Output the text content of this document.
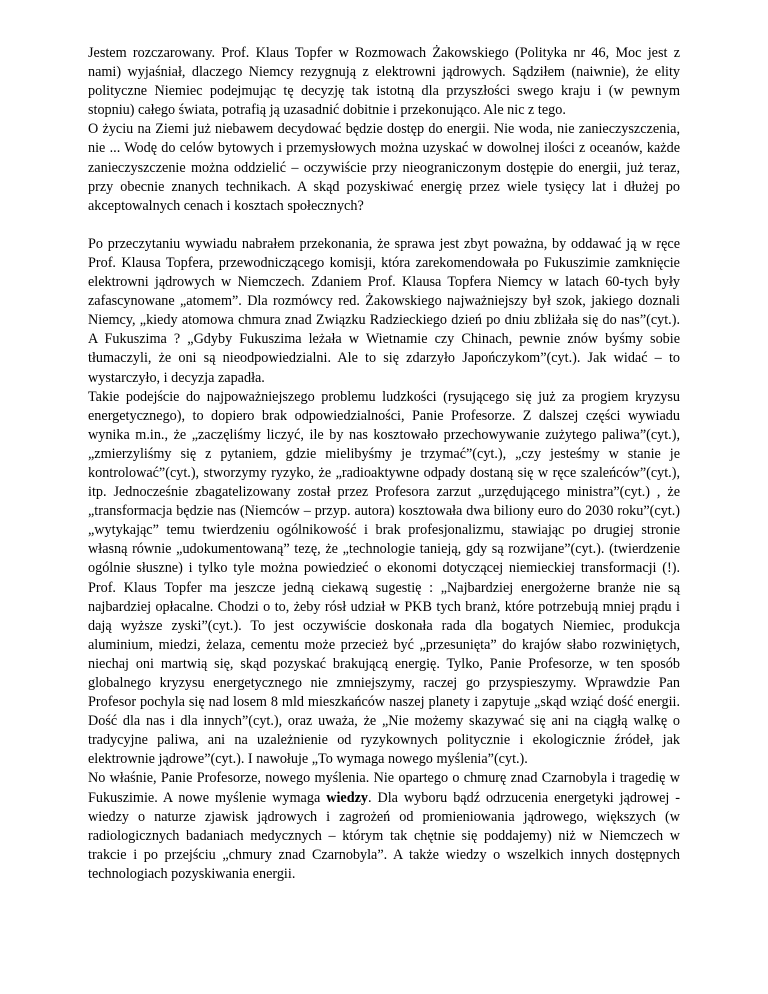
Jestem rozczarowany. Prof. Klaus Topfer w Rozmowach Żakowskiego (Polityka nr 46, Moc jest z nami) wyjaśniał, dlaczego Niemcy rezygnują z elektrowni jądrowych. Sądziłem (naiwnie), że elity polityczne Niemiec podejmując tę decyzję tak istotną dla przyszłości swego kraju i (w pewnym stopniu) całego świata, potrafią ją uzasadnić dobitnie i przekonująco. Ale nic z tego.

O życiu na Ziemi już niebawem decydować będzie dostęp do energii. Nie woda, nie zanieczyszczenia, nie ... Wodę do celów bytowych i przemysłowych można uzyskać w dowolnej ilości z oceanów, każde zanieczyszczenie można oddzielić – oczywiście przy nieograniczonym dostępie do energii, już teraz, przy obecnie znanych technikach. A skąd pozyskiwać energię przez wiele tysięcy lat i dłużej po akceptowalnych cenach i kosztach społecznych?

Po przeczytaniu wywiadu nabrałem przekonania, że sprawa jest zbyt poważna, by oddawać ją w ręce Prof. Klausa Topfera, przewodniczącego komisji, która zarekomendowała po Fukuszimie zamknięcie elektrowni jądrowych w Niemczech. Zdaniem Prof. Klausa Topfera Niemcy w latach 60-tych były zafascynowane „atomem”. Dla rozmówcy red. Żakowskiego najważniejszy był szok, jakiego doznali Niemcy, „kiedy atomowa chmura znad Związku Radzieckiego dzień po dniu zbliżała się do nas”(cyt.). A Fukuszima ? „Gdyby Fukuszima leżała w Wietnamie czy Chinach, pewnie znów byśmy sobie tłumaczyli, że oni są nieodpowiedzialni. Ale to się zdarzyło Japończykom”(cyt.). Jak widać – to wystarczyło, i decyzja zapadła.

Takie podejście do najpoważniejszego problemu ludzkości (rysującego się już za progiem kryzysu energetycznego), to dopiero brak odpowiedzialności, Panie Profesorze. Z dalszej części wywiadu wynika m.in., że „zaczęliśmy liczyć, ile by nas kosztowało przechowywanie zużytego paliwa”(cyt.), „zmierzyliśmy się z pytaniem, gdzie mielibyśmy je trzymać”(cyt.), „czy jesteśmy w stanie je kontrolować”(cyt.), stworzymy ryzyko, że „radioaktywne odpady dostaną się w ręce szaleńców”(cyt.), itp. Jednocześnie zbagatelizowany został przez Profesora zarzut „urzędującego ministra”(cyt.) , że „transformacja będzie nas (Niemców – przyp. autora) kosztowała dwa biliony euro do 2030 roku”(cyt.) „wytykając” temu twierdzeniu ogólnikowość i brak profesjonalizmu, stawiając po drugiej stronie własną równie „udokumentowaną” tezę, że „technologie tanieją, gdy są rozwijane”(cyt.). (twierdzenie ogólnie słuszne) i tylko tyle można powiedzieć o ekonomi dotyczącej niemieckiej transformacji (!). Prof. Klaus Topfer ma jeszcze jedną ciekawą sugestię : „Najbardziej energożerne branże nie są najbardziej opłacalne. Chodzi o to, żeby rósł udział w PKB tych branż, które potrzebują mniej prądu i dają wyższe zyski”(cyt.). To jest oczywiście doskonała rada dla bogatych Niemiec, produkcja aluminium, miedzi, żelaza, cementu może przecież być „przesunięta” do krajów słabo rozwiniętych, niechaj oni martwią się, skąd pozyskać brakującą energię. Tylko, Panie Profesorze, w ten sposób globalnego kryzysu energetycznego nie zmniejszymy, raczej go przyspieszymy. Wprawdzie Pan Profesor pochyla się nad losem 8 mld mieszkańców naszej planety i zapytuje „skąd wziąć dość energii. Dość dla nas i dla innych”(cyt.), oraz uważa, że „Nie możemy skazywać się ani na ciągłą walkę o tradycyjne paliwa, ani na uzależnienie od ryzykownych politycznie i ekologicznie źródeł, jak elektrownie jądrowe”(cyt.). I nawołuje „To wymaga nowego myślenia”(cyt.).

No właśnie, Panie Profesorze, nowego myślenia. Nie opartego o chmurę znad Czarnobyla i tragedię w Fukuszimie. A nowe myślenie wymaga wiedzy. Dla wyboru bądź odrzucenia energetyki jądrowej - wiedzy o naturze zjawisk jądrowych i zagrożeń od promieniowania jądrowego, większych (w radiologicznych badaniach medycznych – którym tak chętnie się poddajemy) niż w Niemczech w trakcie i po przejściu „chmury znad Czarnobyla”. A także wiedzy o wszelkich innych dostępnych technologiach pozyskiwania energii.
